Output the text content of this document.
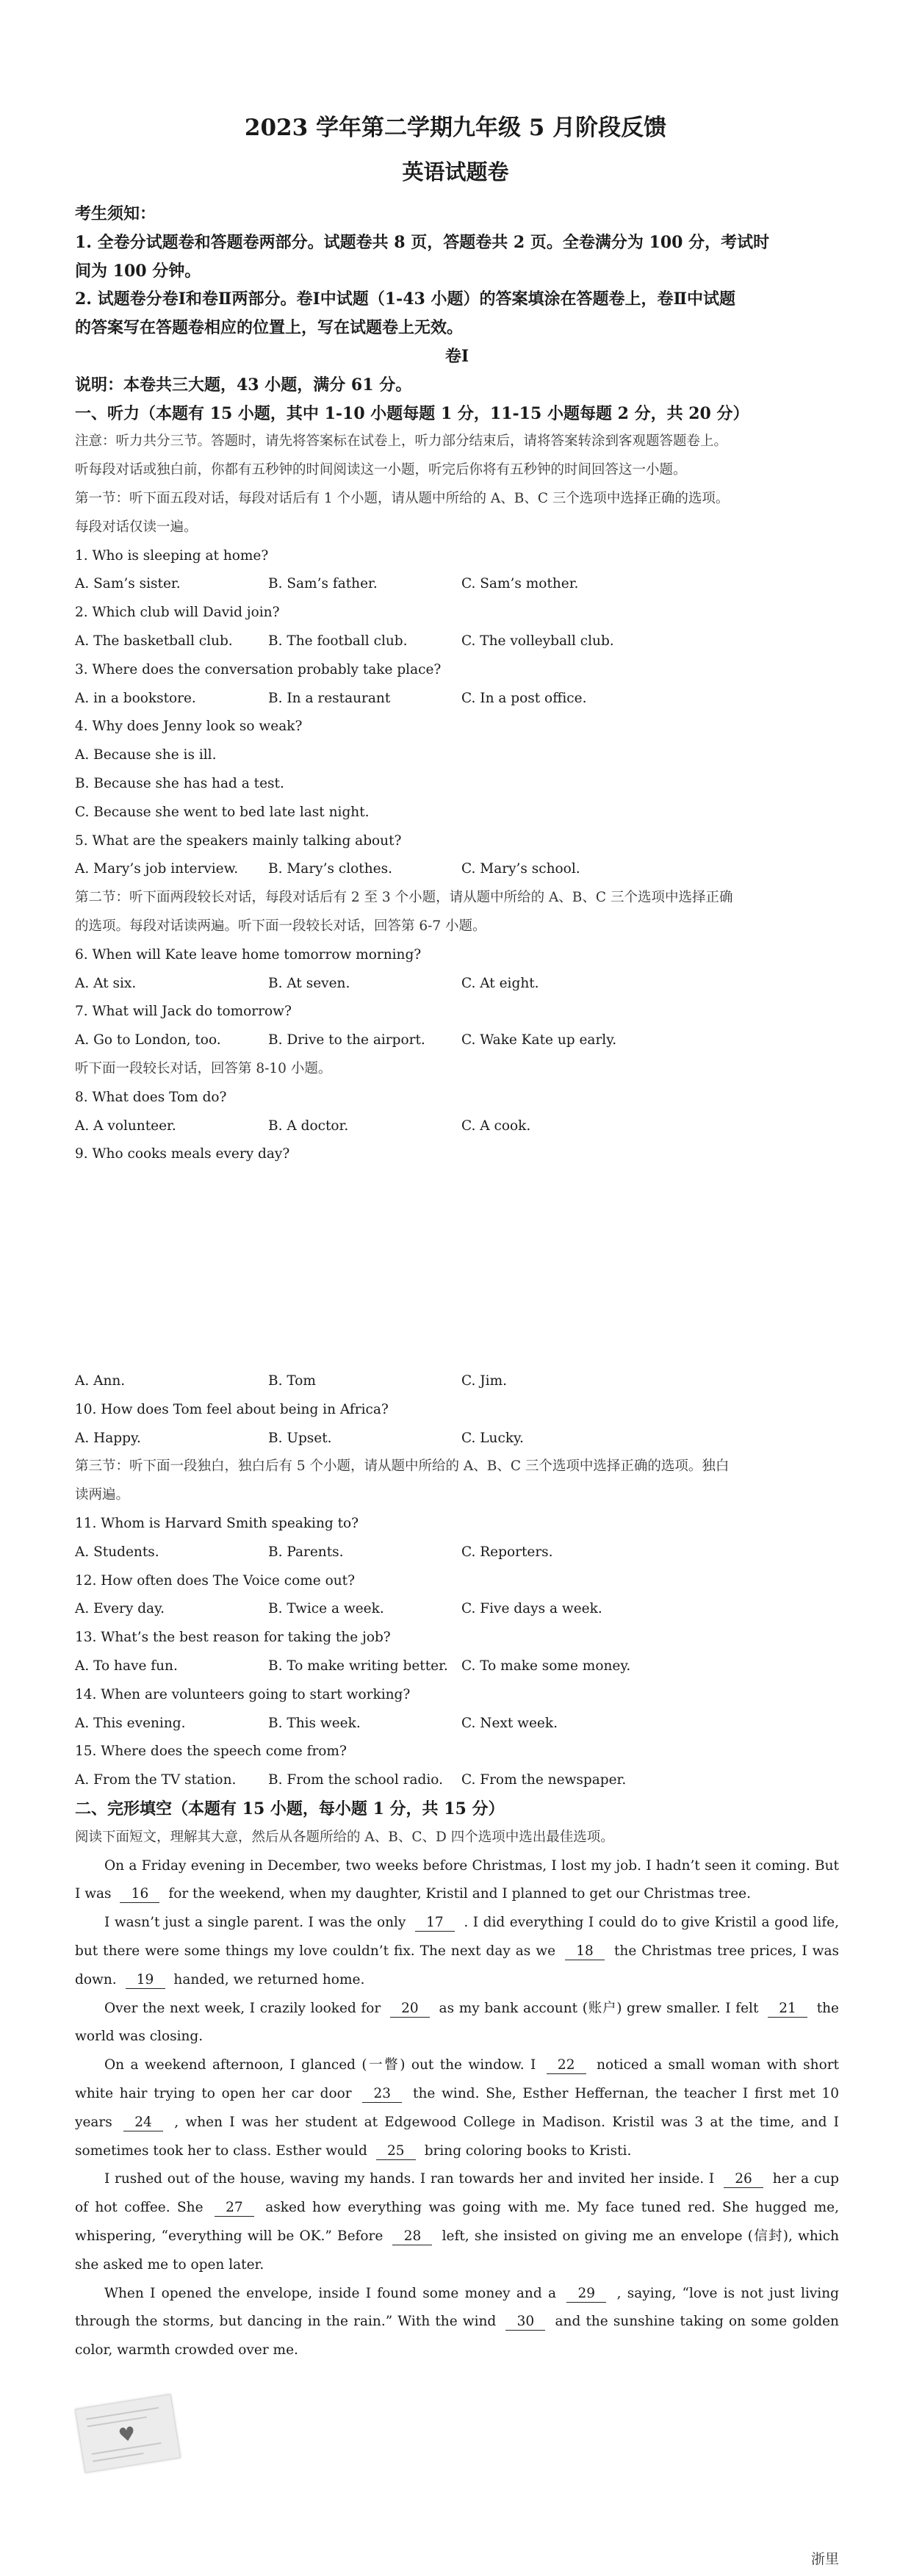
2023 学年第二学期九年级 5 月阶段反馈
英语试题卷
考生须知：
1. 全卷分试题卷和答题卷两部分。试题卷共 8 页，答题卷共 2 页。全卷满分为 100 分，考试时
间为 100 分钟。
2. 试题卷分卷Ⅰ和卷Ⅱ两部分。卷Ⅰ中试题（1-43 小题）的答案填涂在答题卷上，卷Ⅱ中试题
的答案写在答题卷相应的位置上，写在试题卷上无效。
卷Ⅰ
说明：本卷共三大题，43 小题，满分 61 分。
一、听力（本题有 15 小题，其中 1-10 小题每题 1 分，11-15 小题每题 2 分，共 20 分）
注意：听力共分三节。答题时，请先将答案标在试卷上，听力部分结束后，请将答案转涂到客观题答题卷上。
听每段对话或独白前，你都有五秒钟的时间阅读这一小题，听完后你将有五秒钟的时间回答这一小题。
第一节：听下面五段对话，每段对话后有 1 个小题，请从题中所给的 A、B、C 三个选项中选择正确的选项。
每段对话仅读一遍。
1. Who is sleeping at home?
A. Sam’s sister.	B. Sam’s father.	C. Sam’s mother.
2. Which club will David join?
A. The basketball club.	B. The football club.	C. The volleyball club.
3. Where does the conversation probably take place?
A. in a bookstore.	B. In a restaurant	C. In a post office.
4. Why does Jenny look so weak?
A. Because she is ill.
B. Because she has had a test.
C. Because she went to bed late last night.
5. What are the speakers mainly talking about?
A. Mary’s job interview.	B. Mary’s clothes.	C. Mary’s school.
第二节：听下面两段较长对话，每段对话后有 2 至 3 个小题，请从题中所给的 A、B、C 三个选项中选择正确
的选项。每段对话读两遍。听下面一段较长对话，回答第 6-7 小题。
6. When will Kate leave home tomorrow morning?
A. At six.	B. At seven.	C. At eight.
7. What will Jack do tomorrow?
A. Go to London, too.	B. Drive to the airport.	C. Wake Kate up early.
听下面一段较长对话，回答第 8-10 小题。
8. What does Tom do?
A. A volunteer.	B. A doctor.	C. A cook.
9. Who cooks meals every day?
A. Ann.	B. Tom	C. Jim.
10. How does Tom feel about being in Africa?
A. Happy.	B. Upset.	C. Lucky.
第三节：听下面一段独白，独白后有 5 个小题，请从题中所给的 A、B、C 三个选项中选择正确的选项。独白
读两遍。
11. Whom is Harvard Smith speaking to?
A. Students.	B. Parents.	C. Reporters.
12. How often does The Voice come out?
A. Every day.	B. Twice a week.	C. Five days a week.
13. What’s the best reason for taking the job?
A. To have fun.	B. To make writing better. C. To make some money.
14. When are volunteers going to start working?
A. This evening.	B. This week.	C. Next week.
15. Where does the speech come from?
A. From the TV station.	B. From the school radio.	C. From the newspaper.
二、完形填空（本题有 15 小题，每小题 1 分，共 15 分）
阅读下面短文，理解其大意，然后从各题所给的 A、B、C、D 四个选项中选出最佳选项。
On a Friday evening in December, two weeks before Christmas, I lost my job. I hadn’t seen it coming. But I was 16 for the weekend, when my daughter, Kristil and I planned to get our Christmas tree.
I wasn’t just a single parent. I was the only 17 . I did everything I could do to give Kristil a good life, but there were some things my love couldn’t fix. The next day as we 18 the Christmas tree prices, I was down. 19 handed, we returned home.
Over the next week, I crazily looked for 20 as my bank account (账户) grew smaller. I felt 21 the world was closing.
On a weekend afternoon, I glanced (一瞥) out the window. I 22 noticed a small woman with short white hair trying to open her car door 23 the wind. She, Esther Heffernan, the teacher I first met 10 years 24 , when I was her student at Edgewood College in Madison. Kristil was 3 at the time, and I sometimes took her to class. Esther would 25 bring coloring books to Kristi.
I rushed out of the house, waving my hands. I ran towards her and invited her inside. I 26 her a cup of hot coffee. She 27 asked how everything was going with me. My face tuned red. She hugged me, whispering, “everything will be OK.” Before 28 left, she insisted on giving me an envelope (信封), which she asked me to open later.
When I opened the envelope, inside I found some money and a 29 , saying, “love is not just living through the storms, but dancing in the rain.” With the wind 30 and the sunshine taking on some golden color, warmth crowded over me.
♥
浙里
